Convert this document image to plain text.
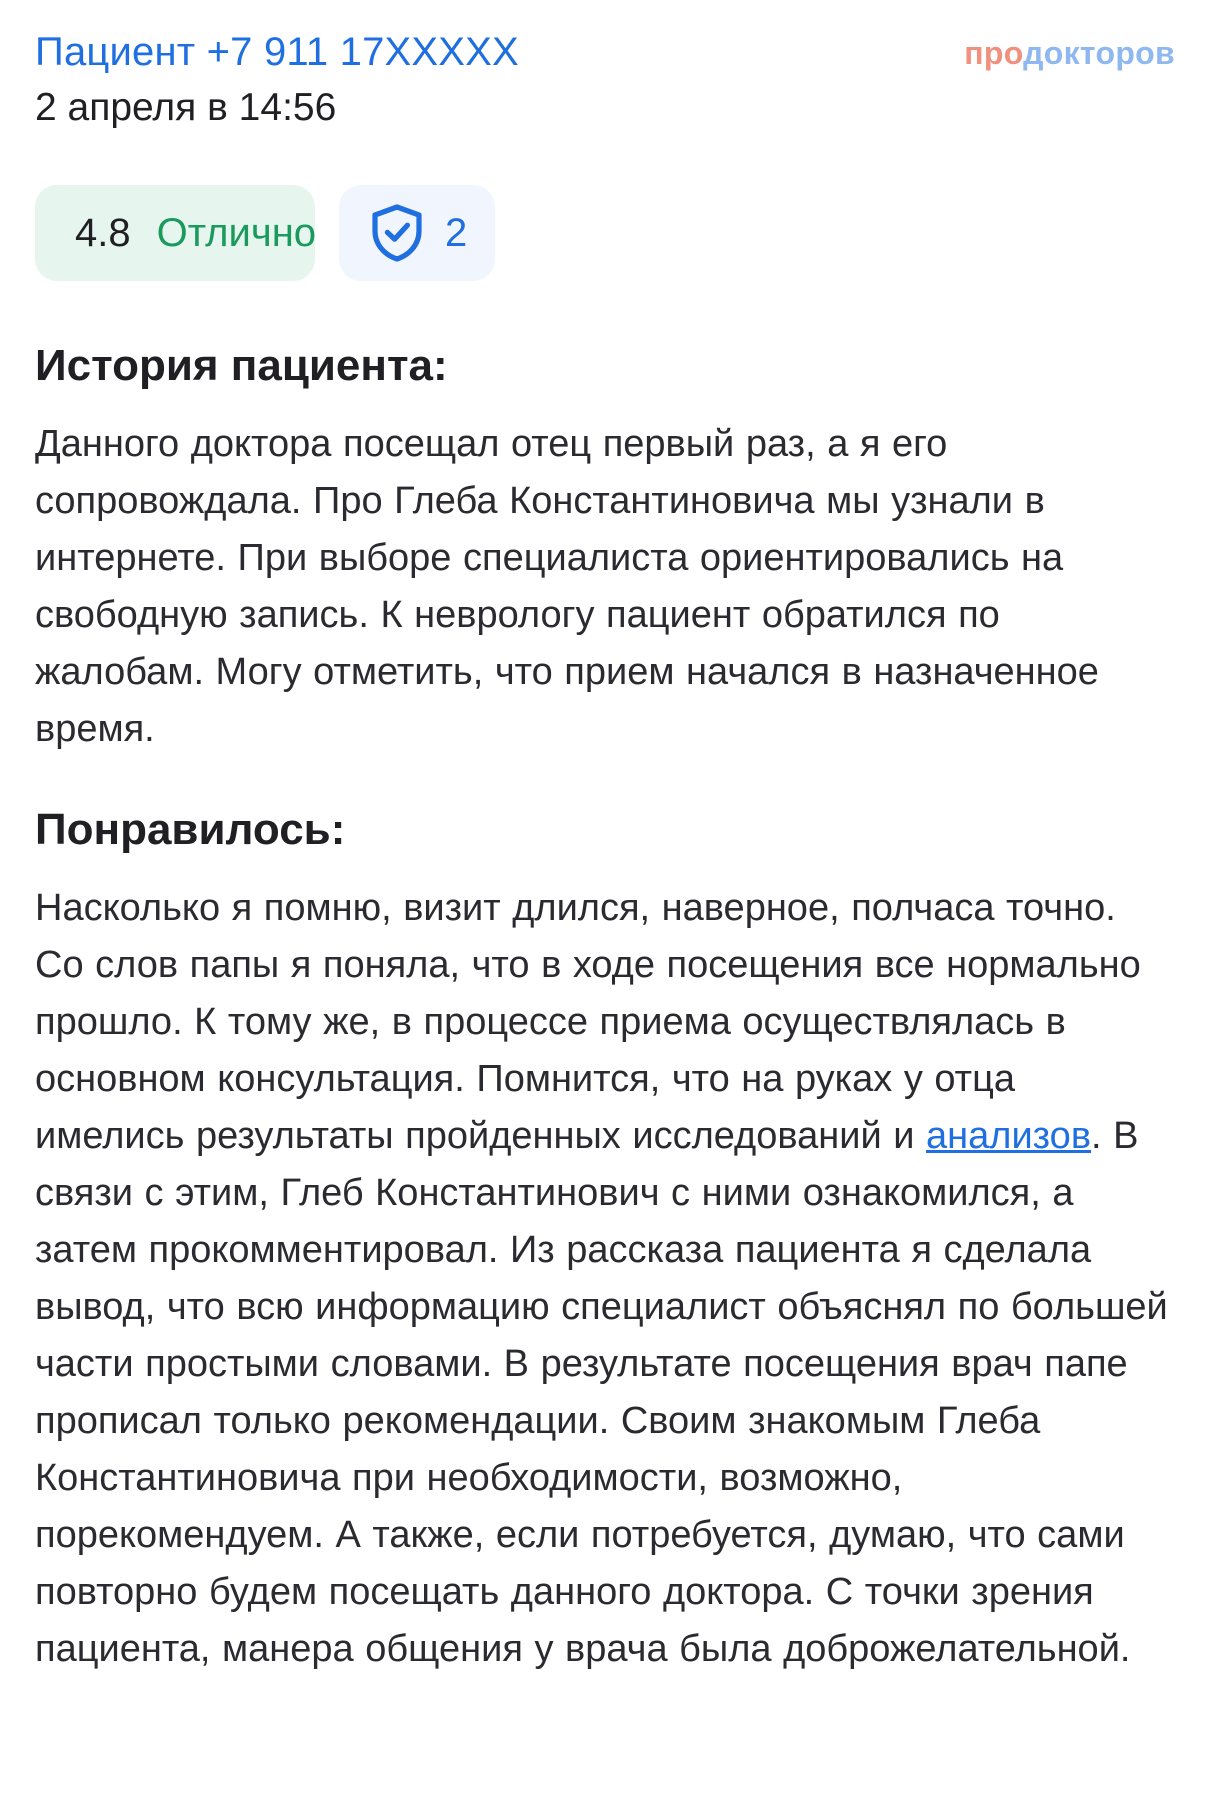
Пациент +7 911 17XXXXX
2 апреля в 14:56
продокторов
4.8 Отлично	2
История пациента:

Данного доктора посещал отец первый раз, а я его сопровождала. Про Глеба Константиновича мы узнали в интернете. При выборе специалиста ориентировались на свободную запись. К неврологу пациент обратился по жалобам. Могу отметить, что прием начался в назначенное время.

Понравилось:

Насколько я помню, визит длился, наверное, полчаса точно. Со слов папы я поняла, что в ходе посещения все нормально прошло. К тому же, в процессе приема осуществлялась в основном консультация. Помнится, что на руках у отца имелись результаты пройденных исследований и анализов. В связи с этим, Глеб Константинович с ними ознакомился, а затем прокомментировал. Из рассказа пациента я сделала вывод, что всю информацию специалист объяснял по большей части простыми словами. В результате посещения врач папе прописал только рекомендации. Своим знакомым Глеба Константиновича при необходимости, возможно, порекомендуем. А также, если потребуется, думаю, что сами повторно будем посещать данного доктора. С точки зрения пациента, манера общения у врача была доброжелательной.
